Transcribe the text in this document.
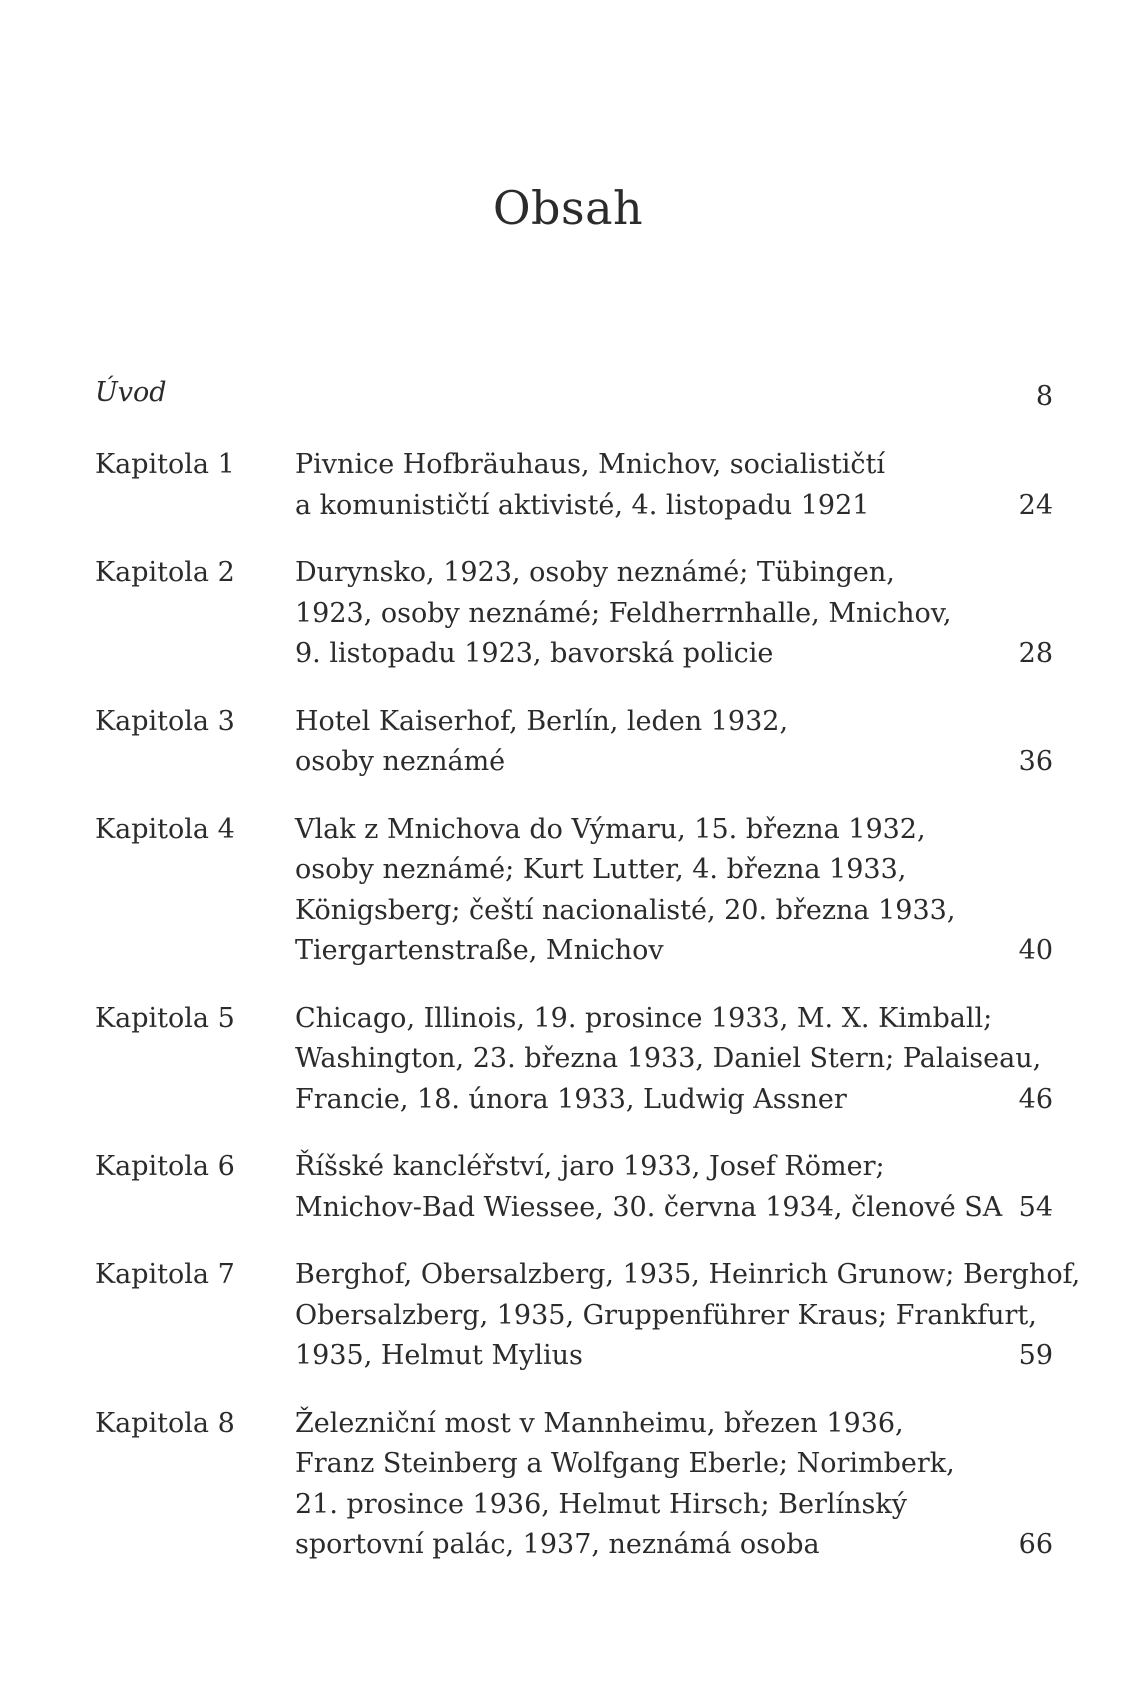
Obsah
Úvod	8
Kapitola 1	Pivnice Hofbräuhaus, Mnichov, socialističtí
a komunističtí aktivisté, 4. listopadu 1921	24
Kapitola 2	Durynsko, 1923, osoby neznámé; Tübingen,
1923, osoby neznámé; Feldherrnhalle, Mnichov,
9. listopadu 1923, bavorská policie	28
Kapitola 3	Hotel Kaiserhof, Berlín, leden 1932,
osoby neznámé	36
Kapitola 4	Vlak z Mnichova do Výmaru, 15. března 1932,
osoby neznámé; Kurt Lutter, 4. března 1933,
Königsberg; čeští nacionalisté, 20. března 1933,
Tiergartenstraße, Mnichov	40
Kapitola 5	Chicago, Illinois, 19. prosince 1933, M. X. Kimball;
Washington, 23. března 1933, Daniel Stern; Palaiseau,
Francie, 18. února 1933, Ludwig Assner	46
Kapitola 6	Říšské kancléřství, jaro 1933, Josef Römer;
Mnichov-Bad Wiessee, 30. června 1934, členové SA 54
Kapitola 7	Berghof, Obersalzberg, 1935, Heinrich Grunow; Berghof,
Obersalzberg, 1935, Gruppenführer Kraus; Frankfurt,
1935, Helmut Mylius	59
Kapitola 8	Železniční most v Mannheimu, březen 1936,
Franz Steinberg a Wolfgang Eberle; Norimberk,
21. prosince 1936, Helmut Hirsch; Berlínský
sportovní palác, 1937, neznámá osoba	66
